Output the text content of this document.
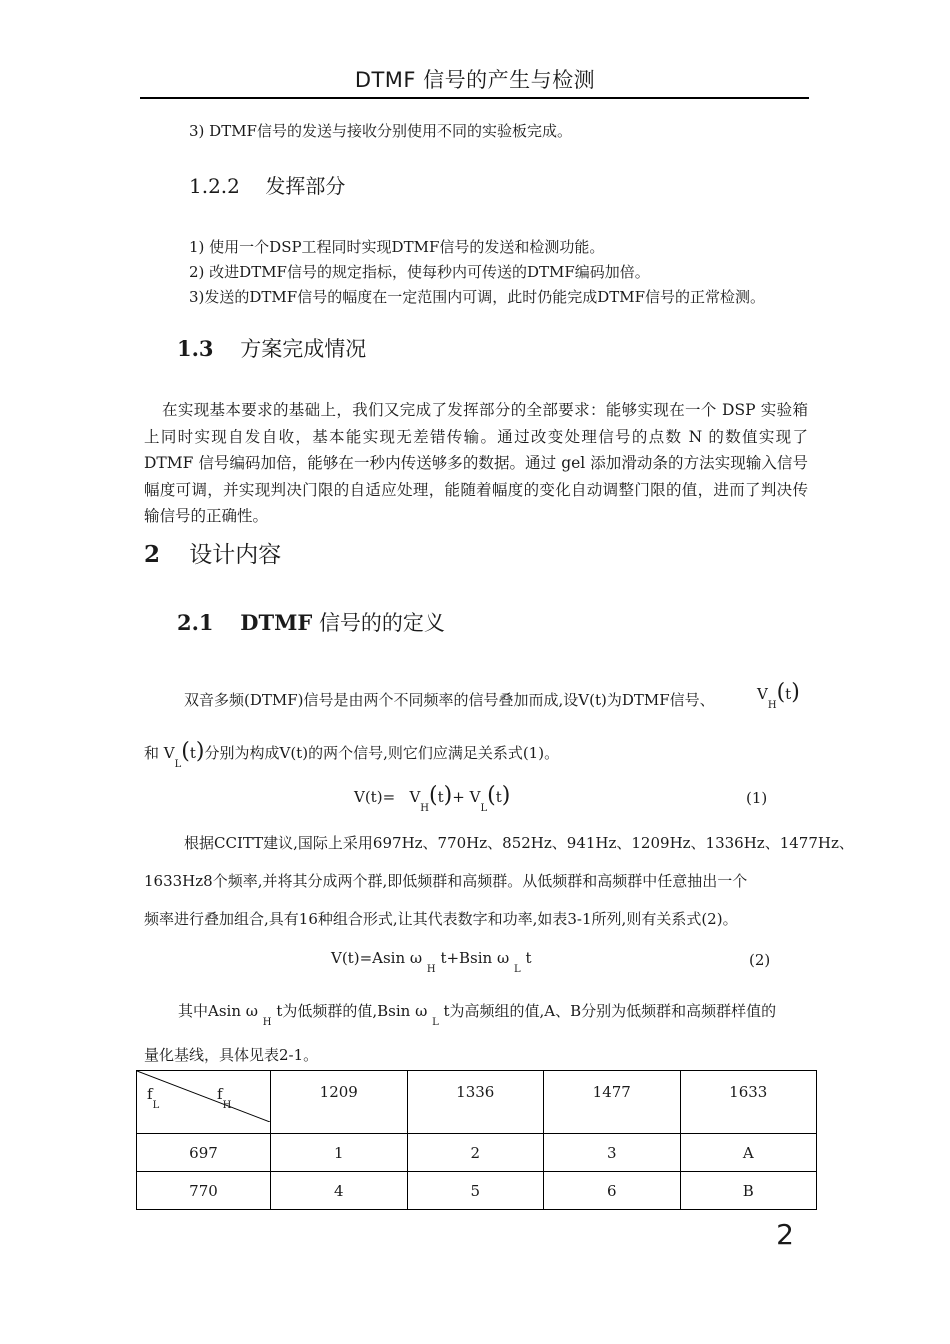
DTMF 信号的产生与检测
3) DTMF信号的发送与接收分别使用不同的实验板完成。
1.2.2 发挥部分
1) 使用一个DSP工程同时实现DTMF信号的发送和检测功能。
2) 改进DTMF信号的规定指标，使每秒内可传送的DTMF编码加倍。
3)发送的DTMF信号的幅度在一定范围内可调，此时仍能完成DTMF信号的正常检测。
1.3 方案完成情况
在实现基本要求的基础上，我们又完成了发挥部分的全部要求：能够实现在一个 DSP 实验箱上同时实现自发自收，基本能实现无差错传输。通过改变处理信号的点数 N 的数值实现了 DTMF 信号编码加倍，能够在一秒内传送够多的数据。通过 gel 添加滑动条的方法实现输入信号幅度可调，并实现判决门限的自适应处理，能随着幅度的变化自动调整门限的值，进而了判决传输信号的正确性。
2 设计内容
2.1 DTMF 信号的的定义
双音多频(DTMF)信号是由两个不同频率的信号叠加而成,设V(t)为DTMF信号、	$V_H(t)$
和 $V_L(t)$分别为构成V(t)的两个信号,则它们应满足关系式(1)。
$V(t)= V_H(t)+ V_L(t)$	(1)
根据CCITT建议,国际上采用697Hz、770Hz、852Hz、941Hz、1209Hz、1336Hz、1477Hz、
1633Hz8个频率,并将其分成两个群,即低频群和高频群。从低频群和高频群中任意抽出一个
频率进行叠加组合,具有16种组合形式,让其代表数字和功率,如表3-1所列,则有关系式(2)。
V(t)=Asin ω $_H$ t+Bsin ω $_L$ t	(2)
其中Asin ω $_H$ t为低频群的值,Bsin ω $_L$ t为高频组的值,A、B分别为低频群和高频群样值的
量化基线，具体见表2-1。
$f_L$
$f_H$	1209	1336	1477	1633
697	1	2	3	A
770	4	5	6	B
2
